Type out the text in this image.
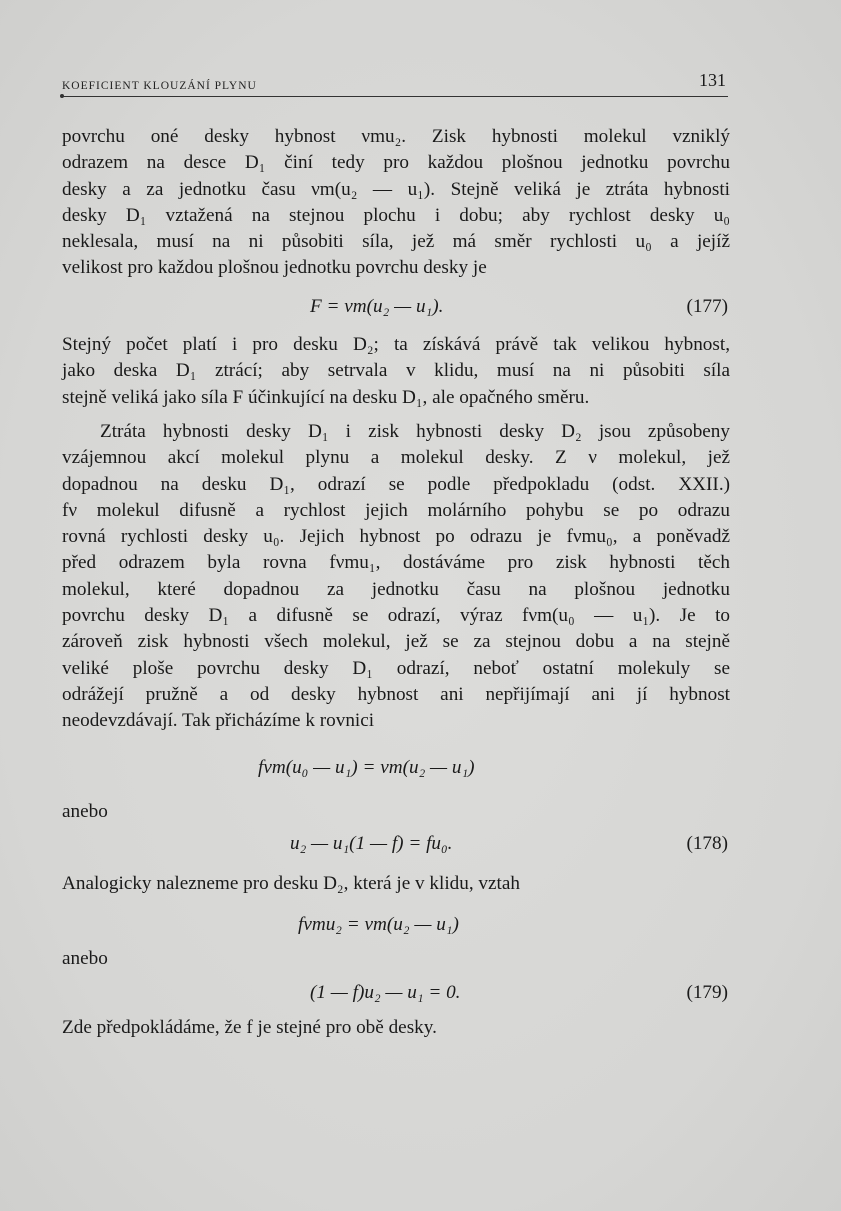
KOEFICIENT KLOUZÁNÍ PLYNU	131
povrchu oné desky hybnost νmu₂. Zisk hybnosti molekul vzniklý
odrazem na desce D₁ činí tedy pro každou plošnou jednotku povrchu
desky a za jednotku času νm(u₂ — u₁). Stejně veliká je ztráta hybnosti
desky D₁ vztažená na stejnou plochu i dobu; aby rychlost desky u₀
neklesala, musí na ni působiti síla, jež má směr rychlosti u₀ a jejíž
velikost pro každou plošnou jednotku povrchu desky je
F = νm(u₂ — u₁).	(177)
Stejný počet platí i pro desku D₂; ta získává právě tak velikou hybnost,
jako deska D₁ ztrácí; aby setrvala v klidu, musí na ni působiti síla
stejně veliká jako síla F účinkující na desku D₁, ale opačného směru.
Ztráta hybnosti desky D₁ i zisk hybnosti desky D₂ jsou způsobeny
vzájemnou akcí molekul plynu a molekul desky. Z ν molekul, jež
dopadnou na desku D₁, odrazí se podle předpokladu (odst. XXII.)
fν molekul difusně a rychlost jejich molárního pohybu se po odrazu
rovná rychlosti desky u₀. Jejich hybnost po odrazu je fνmu₀, a poněvadž
před odrazem byla rovna fνmu₁, dostáváme pro zisk hybnosti těch
molekul, které dopadnou za jednotku času na plošnou jednotku
povrchu desky D₁ a difusně se odrazí, výraz fνm(u₀ — u₁). Je to
zároveň zisk hybnosti všech molekul, jež se za stejnou dobu a na stejně
veliké ploše povrchu desky D₁ odrazí, neboť ostatní molekuly se
odrážejí pružně a od desky hybnost ani nepřijímají ani jí hybnost
neodevzdávají. Tak přicházíme k rovnici
fνm(u₀ — u₁) = νm(u₂ — u₁)
anebo
u₂ — u₁(1 — f) = fu₀.	(178)
Analogicky nalezneme pro desku D₂, která je v klidu, vztah
fνmu₂ = νm(u₂ — u₁)
anebo
(1 — f)u₂ — u₁ = 0.	(179)
Zde předpokládáme, že f je stejné pro obě desky.
